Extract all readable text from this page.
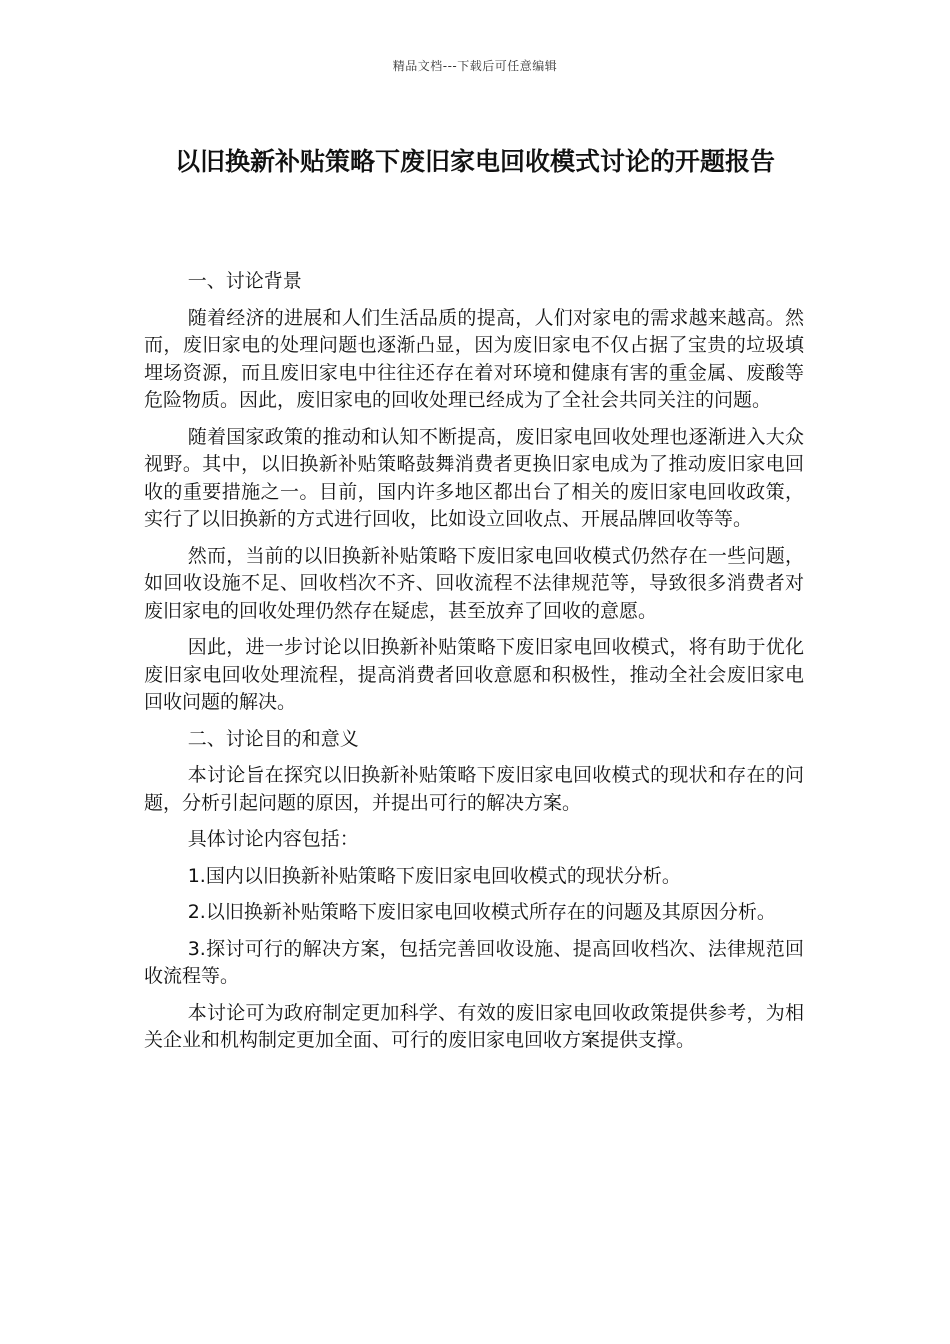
精品文档---下载后可任意编辑
以旧换新补贴策略下废旧家电回收模式讨论的开题报告
一、讨论背景

随着经济的进展和人们生活品质的提高，人们对家电的需求越来越高。然而，废旧家电的处理问题也逐渐凸显，因为废旧家电不仅占据了宝贵的垃圾填埋场资源，而且废旧家电中往往还存在着对环境和健康有害的重金属、废酸等危险物质。因此，废旧家电的回收处理已经成为了全社会共同关注的问题。

随着国家政策的推动和认知不断提高，废旧家电回收处理也逐渐进入大众视野。其中，以旧换新补贴策略鼓舞消费者更换旧家电成为了推动废旧家电回收的重要措施之一。目前，国内许多地区都出台了相关的废旧家电回收政策，实行了以旧换新的方式进行回收，比如设立回收点、开展品牌回收等等。

然而，当前的以旧换新补贴策略下废旧家电回收模式仍然存在一些问题，如回收设施不足、回收档次不齐、回收流程不法律规范等，导致很多消费者对废旧家电的回收处理仍然存在疑虑，甚至放弃了回收的意愿。

因此，进一步讨论以旧换新补贴策略下废旧家电回收模式，将有助于优化废旧家电回收处理流程，提高消费者回收意愿和积极性，推动全社会废旧家电回收问题的解决。

二、讨论目的和意义

本讨论旨在探究以旧换新补贴策略下废旧家电回收模式的现状和存在的问题，分析引起问题的原因，并提出可行的解决方案。

具体讨论内容包括：

1.国内以旧换新补贴策略下废旧家电回收模式的现状分析。

2.以旧换新补贴策略下废旧家电回收模式所存在的问题及其原因分析。

3.探讨可行的解决方案，包括完善回收设施、提高回收档次、法律规范回收流程等。

本讨论可为政府制定更加科学、有效的废旧家电回收政策提供参考，为相关企业和机构制定更加全面、可行的废旧家电回收方案提供支撑。
